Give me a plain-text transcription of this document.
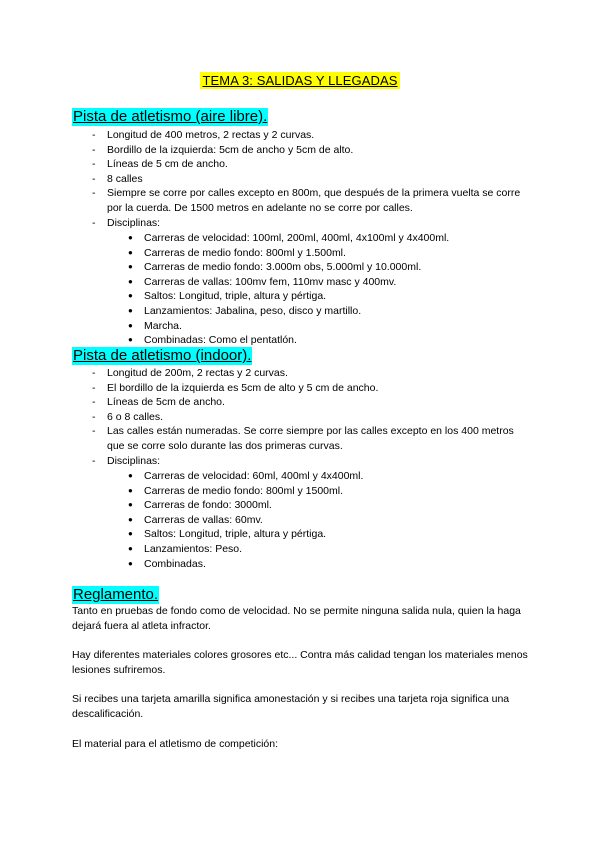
TEMA 3: SALIDAS Y LLEGADAS
Pista de atletismo (aire libre).
- Longitud de 400 metros, 2 rectas y 2 curvas.
- Bordillo de la izquierda: 5cm de ancho y 5cm de alto.
- Líneas de 5 cm de ancho.
- 8 calles
- Siempre se corre por calles excepto en 800m, que después de la primera vuelta se corre por la cuerda. De 1500 metros en adelante no se corre por calles.
- Disciplinas:
● Carreras de velocidad: 100ml, 200ml, 400ml, 4x100ml y 4x400ml.
● Carreras de medio fondo: 800ml y 1.500ml.
● Carreras de medio fondo: 3.000m obs, 5.000ml y 10.000ml.
● Carreras de vallas: 100mv fem, 110mv masc y 400mv.
● Saltos: Longitud, triple, altura y pértiga.
● Lanzamientos: Jabalina, peso, disco y martillo.
● Marcha.
● Combinadas: Como el pentatlón.
Pista de atletismo (indoor).
- Longitud de 200m, 2 rectas y 2 curvas.
- El bordillo de la izquierda es 5cm de alto y 5 cm de ancho.
- Líneas de 5cm de ancho.
- 6 o 8 calles.
- Las calles están numeradas. Se corre siempre por las calles excepto en los 400 metros que se corre solo durante las dos primeras curvas.
- Disciplinas:
● Carreras de velocidad: 60ml, 400ml y 4x400ml.
● Carreras de medio fondo: 800ml y 1500ml.
● Carreras de fondo: 3000ml.
● Carreras de vallas: 60mv.
● Saltos: Longitud, triple, altura y pértiga.
● Lanzamientos: Peso.
● Combinadas.
Reglamento.

Tanto en pruebas de fondo como de velocidad. No se permite ninguna salida nula, quien la haga dejará fuera al atleta infractor.

Hay diferentes materiales colores grosores etc... Contra más calidad tengan los materiales menos lesiones sufriremos.

Si recibes una tarjeta amarilla significa amonestación y si recibes una tarjeta roja significa una descalificación.

El material para el atletismo de competición:
